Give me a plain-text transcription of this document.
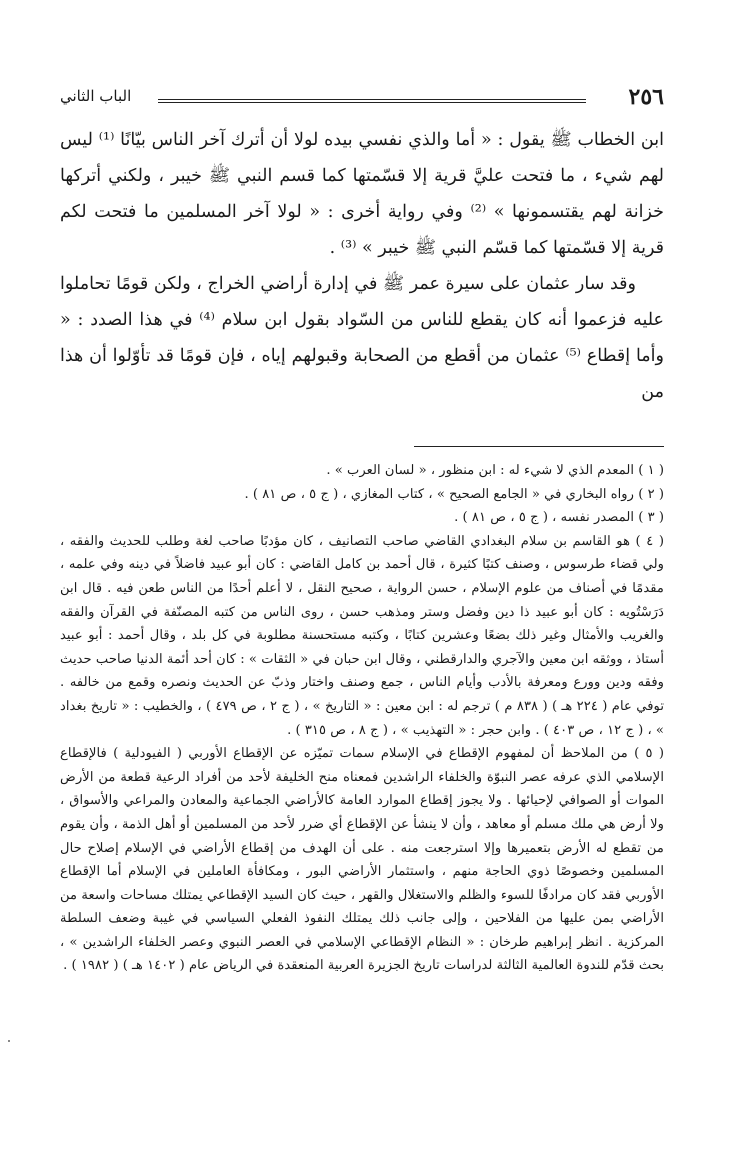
٢٥٦
الباب الثاني

ابن الخطاب ﷺ يقول : « أما والذي نفسي بيده لولا أن أترك آخر الناس بيّانًا ⁽¹⁾ ليس لهم شيء ، ما فتحت عليَّ قرية إلا قسّمتها كما قسم النبي ﷺ خيبر ، ولكني أتركها خزانة لهم يقتسمونها » ⁽²⁾ وفي رواية أخرى : « لولا آخر المسلمين ما فتحت لكم قرية إلا قسّمتها كما قسّم النبي ﷺ خيبر » ⁽³⁾ .

وقد سار عثمان على سيرة عمر ﷺ في إدارة أراضي الخراج ، ولكن قومًا تحاملوا عليه فزعموا أنه كان يقطع للناس من السّواد بقول ابن سلام ⁽⁴⁾ في هذا الصدد : « وأما إقطاع ⁽⁵⁾ عثمان من أقطع من الصحابة وقبولهم إياه ، فإن قومًا قد تأوّلوا أن هذا من

( ١ ) المعدم الذي لا شيء له : ابن منظور ، « لسان العرب » .

( ٢ ) رواه البخاري في « الجامع الصحيح » ، كتاب المغازي ، ( ج ٥ ، ص ٨١ ) .

( ٣ ) المصدر نفسه ، ( ج ٥ ، ص ٨١ ) .

( ٤ ) هو القاسم بن سلام البغدادي القاضي صاحب التصانيف ، كان مؤدبًا صاحب لغة وطلب للحديث والفقه ، ولي قضاء طرسوس ، وصنف كتبًا كثيرة ، قال أحمد بن كامل القاضي : كان أبو عبيد فاضلاً في دينه وفي علمه ، مقدمًا في أصناف من علوم الإسلام ، حسن الرواية ، صحيح النقل ، لا أعلم أحدًا من الناس طعن فيه . قال ابن دَرَسْتُويه : كان أبو عبيد ذا دين وفضل وستر ومذهب حسن ، روى الناس من كتبه المصنّفة في القرآن والفقه والغريب والأمثال وغير ذلك بضعًا وعشرين كتابًا ، وكتبه مستحسنة مطلوبة في كل بلد ، وقال أحمد : أبو عبيد أستاذ ، ووثقه ابن معين والآجري والدارقطني ، وقال ابن حبان في « الثقات » : كان أحد أئمة الدنيا صاحب حديث وفقه ودين وورع ومعرفة بالأدب وأيام الناس ، جمع وصنف واختار وذبّ عن الحديث ونصره وقمع من خالفه . توفي عام ( ٢٢٤ هـ ) ( ٨٣٨ م ) ترجم له : ابن معين : « التاريخ » ، ( ج ٢ ، ص ٤٧٩ ) ، والخطيب : « تاريخ بغداد » ، ( ج ١٢ ، ص ٤٠٣ ) . وابن حجر : « التهذيب » ، ( ج ٨ ، ص ٣١٥ ) .

( ٥ ) من الملاحظ أن لمفهوم الإقطاع في الإسلام سمات تميّزه عن الإقطاع الأوربي ( الفيودلية ) فالإقطاع الإسلامي الذي عرفه عصر النبوّة والخلفاء الراشدين فمعناه منح الخليفة لأحد من أفراد الرعية قطعة من الأرض الموات أو الصوافي لإحيائها . ولا يجوز إقطاع الموارد العامة كالأراضي الجماعية والمعادن والمراعي والأسواق ، ولا أرض هي ملك مسلم أو معاهد ، وأن لا ينشأ عن الإقطاع أي ضرر لأحد من المسلمين أو أهل الذمة ، وأن يقوم من تقطع له الأرض بتعميرها وإلا استرجعت منه . على أن الهدف من إقطاع الأراضي في الإسلام إصلاح حال المسلمين وخصوصًا ذوي الحاجة منهم ، واستثمار الأراضي البور ، ومكافأة العاملين في الإسلام أما الإقطاع الأوربي فقد كان مرادفًا للسوء والظلم والاستغلال والقهر ، حيث كان السيد الإقطاعي يمتلك مساحات واسعة من الأراضي بمن عليها من الفلاحين ، وإلى جانب ذلك يمتلك النفوذ الفعلي السياسي في غيبة وضعف السلطة المركزية . انظر إبراهيم طرخان : « النظام الإقطاعي الإسلامي في العصر النبوي وعصر الخلفاء الراشدين » ، بحث قدّم للندوة العالمية الثالثة لدراسات تاريخ الجزيرة العربية المنعقدة في الرياض عام ( ١٤٠٢ هـ ) ( ١٩٨٢ ) .
